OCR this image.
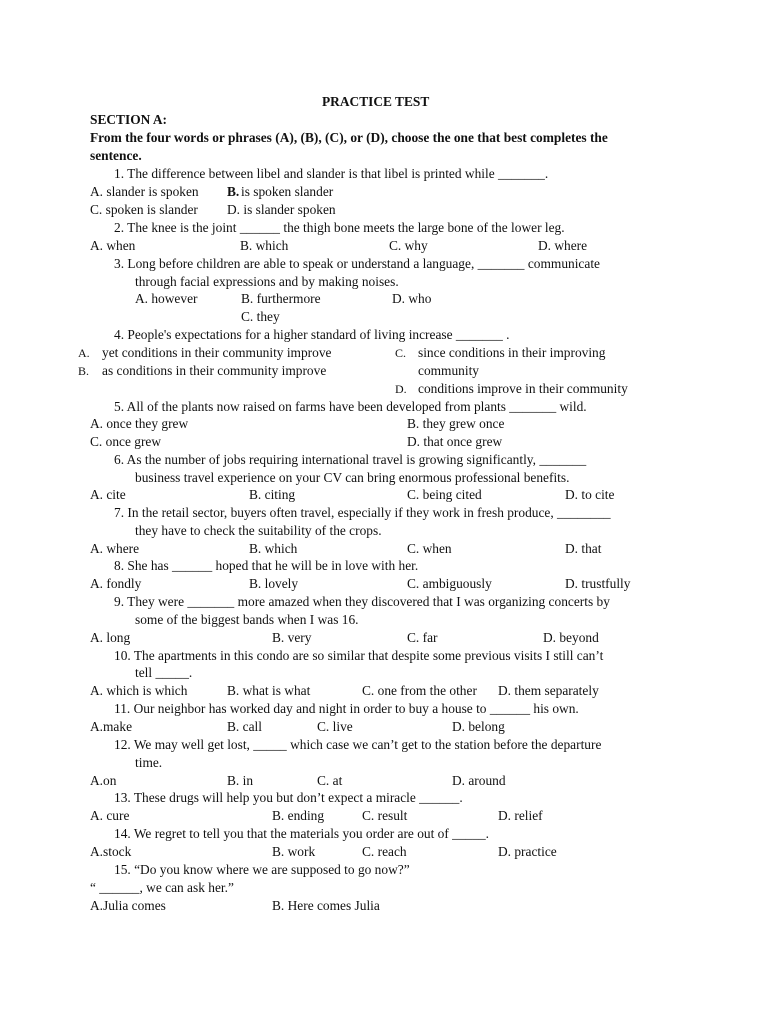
PRACTICE TEST
SECTION A:
From the four words or phrases (A), (B), (C), or (D), choose the one that best completes the
sentence.
1. The difference between libel and slander is that libel is printed while _______.
A. slander is spoken B. is spoken slander
C. spoken is slander D. is slander spoken
2. The knee is the joint ______ the thigh bone meets the large bone of the lower leg.
A. when	B. which	C. why	D. where
3. Long before children are able to speak or understand a language, _______ communicate
through facial expressions and by making noises.
A. however	B. furthermore	D. who
C. they
4. People's expectations for a higher standard of living increase _______ .
A. yet conditions in their community improve	C. since conditions in their improving
community
B. as conditions in their community improve
D. conditions improve in their community
5. All of the plants now raised on farms have been developed from plants _______ wild.
A. once they grew	B. they grew once
C. once grew	D. that once grew
6. As the number of jobs requiring international travel is growing significantly, _______
business travel experience on your CV can bring enormous professional benefits.
A. cite	B. citing	C. being cited	D. to cite
7. In the retail sector, buyers often travel, especially if they work in fresh produce, ________
they have to check the suitability of the crops.
A. where	B. which	C. when	D. that
8. She has ______ hoped that he will be in love with her.
A. fondly	B. lovely	C. ambiguously	D. trustfully
9. They were _______ more amazed when they discovered that I was organizing concerts by
some of the biggest bands when I was 16.
A. long	B. very	C. far	D. beyond
10. The apartments in this condo are so similar that despite some previous visits I still can’t
tell _____.
A. which is which	B. what is what	C. one from the other D. them separately
11. Our neighbor has worked day and night in order to buy a house to ______ his own.
A.make	B. call	C. live	D. belong
12. We may well get lost, _____ which case we can’t get to the station before the departure
time.
A.on	B. in	C. at	D. around
13. These drugs will help you but don’t expect a miracle ______.
A. cure	B. ending	C. result	D. relief
14. We regret to tell you that the materials you order are out of _____.
A.stock	B. work	C. reach	D. practice
15. “Do you know where we are supposed to go now?”
“ ______, we can ask her.”
A.Julia comes	B. Here comes Julia
